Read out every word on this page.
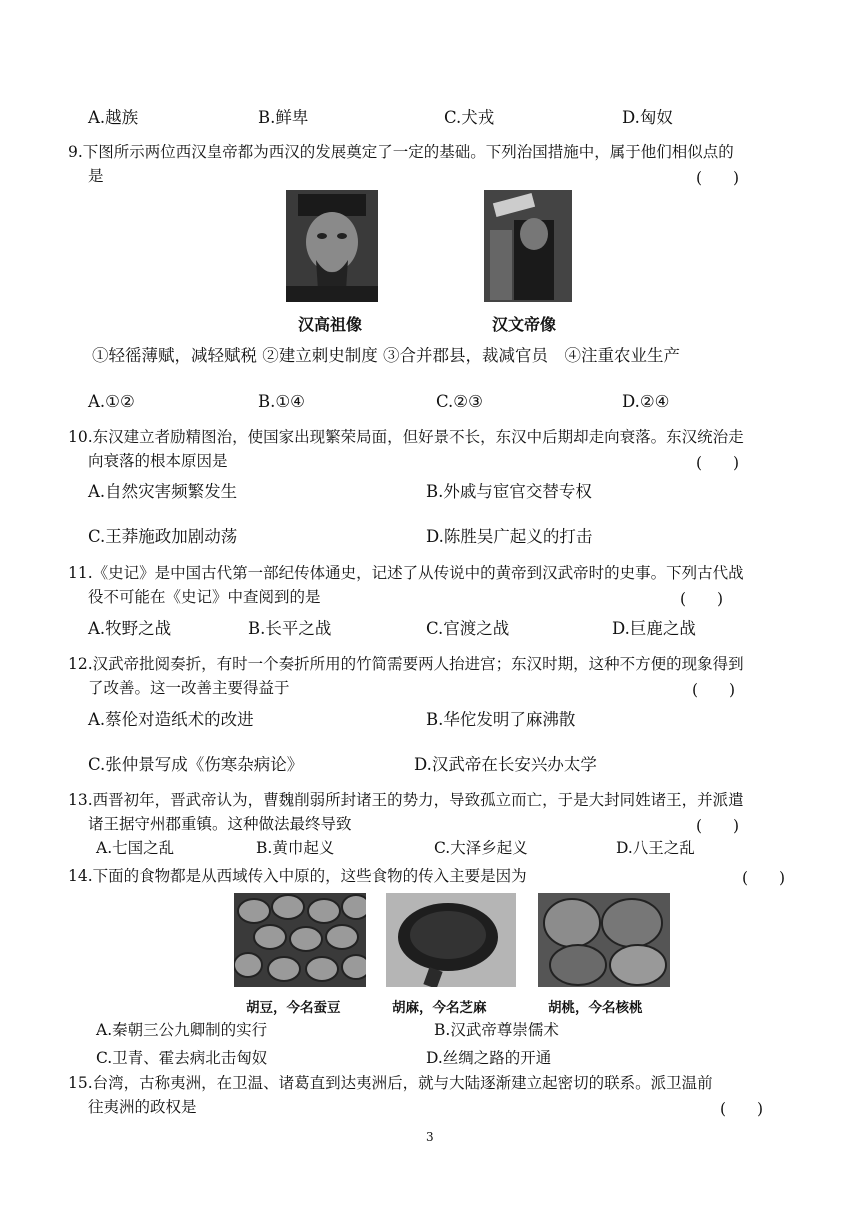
A.越族	B.鲜卑	C.犬戎	D.匈奴
9.下图所示两位西汉皇帝都为西汉的发展奠定了一定的基础。下列治国措施中，属于他们相似点的
是	(　　)
汉高祖像	汉文帝像
①轻徭薄赋，减轻赋税 ②建立刺史制度 ③合并郡县，裁减官员　④注重农业生产
A.①②	B.①④	C.②③	D.②④
10.东汉建立者励精图治，使国家出现繁荣局面，但好景不长，东汉中后期却走向衰落。东汉统治走
向衰落的根本原因是	(　　)
A.自然灾害频繁发生	B.外戚与宦官交替专权
C.王莽施政加剧动荡	D.陈胜吴广起义的打击
11.《史记》是中国古代第一部纪传体通史，记述了从传说中的黄帝到汉武帝时的史事。下列古代战
役不可能在《史记》中查阅到的是	(　　)
A.牧野之战	B.长平之战	C.官渡之战	D.巨鹿之战
12.汉武帝批阅奏折，有时一个奏折所用的竹简需要两人抬进宫；东汉时期，这种不方便的现象得到
了改善。这一改善主要得益于	(　　)
A.蔡伦对造纸术的改进	B.华佗发明了麻沸散
C.张仲景写成《伤寒杂病论》	D.汉武帝在长安兴办太学
13.西晋初年，晋武帝认为，曹魏削弱所封诸王的势力，导致孤立而亡，于是大封同姓诸王，并派遣
诸王据守州郡重镇。这种做法最终导致	(　　)
A.七国之乱	B.黄巾起义	C.大泽乡起义	D.八王之乱
14.下面的食物都是从西域传入中原的，这些食物的传入主要是因为	(　　)
胡豆，今名蚕豆	胡麻，今名芝麻	胡桃，今名核桃
A.秦朝三公九卿制的实行	B.汉武帝尊崇儒术
C.卫青、霍去病北击匈奴	D.丝绸之路的开通
15.台湾，古称夷洲，在卫温、诸葛直到达夷洲后，就与大陆逐渐建立起密切的联系。派卫温前
往夷洲的政权是	(　　)
3
